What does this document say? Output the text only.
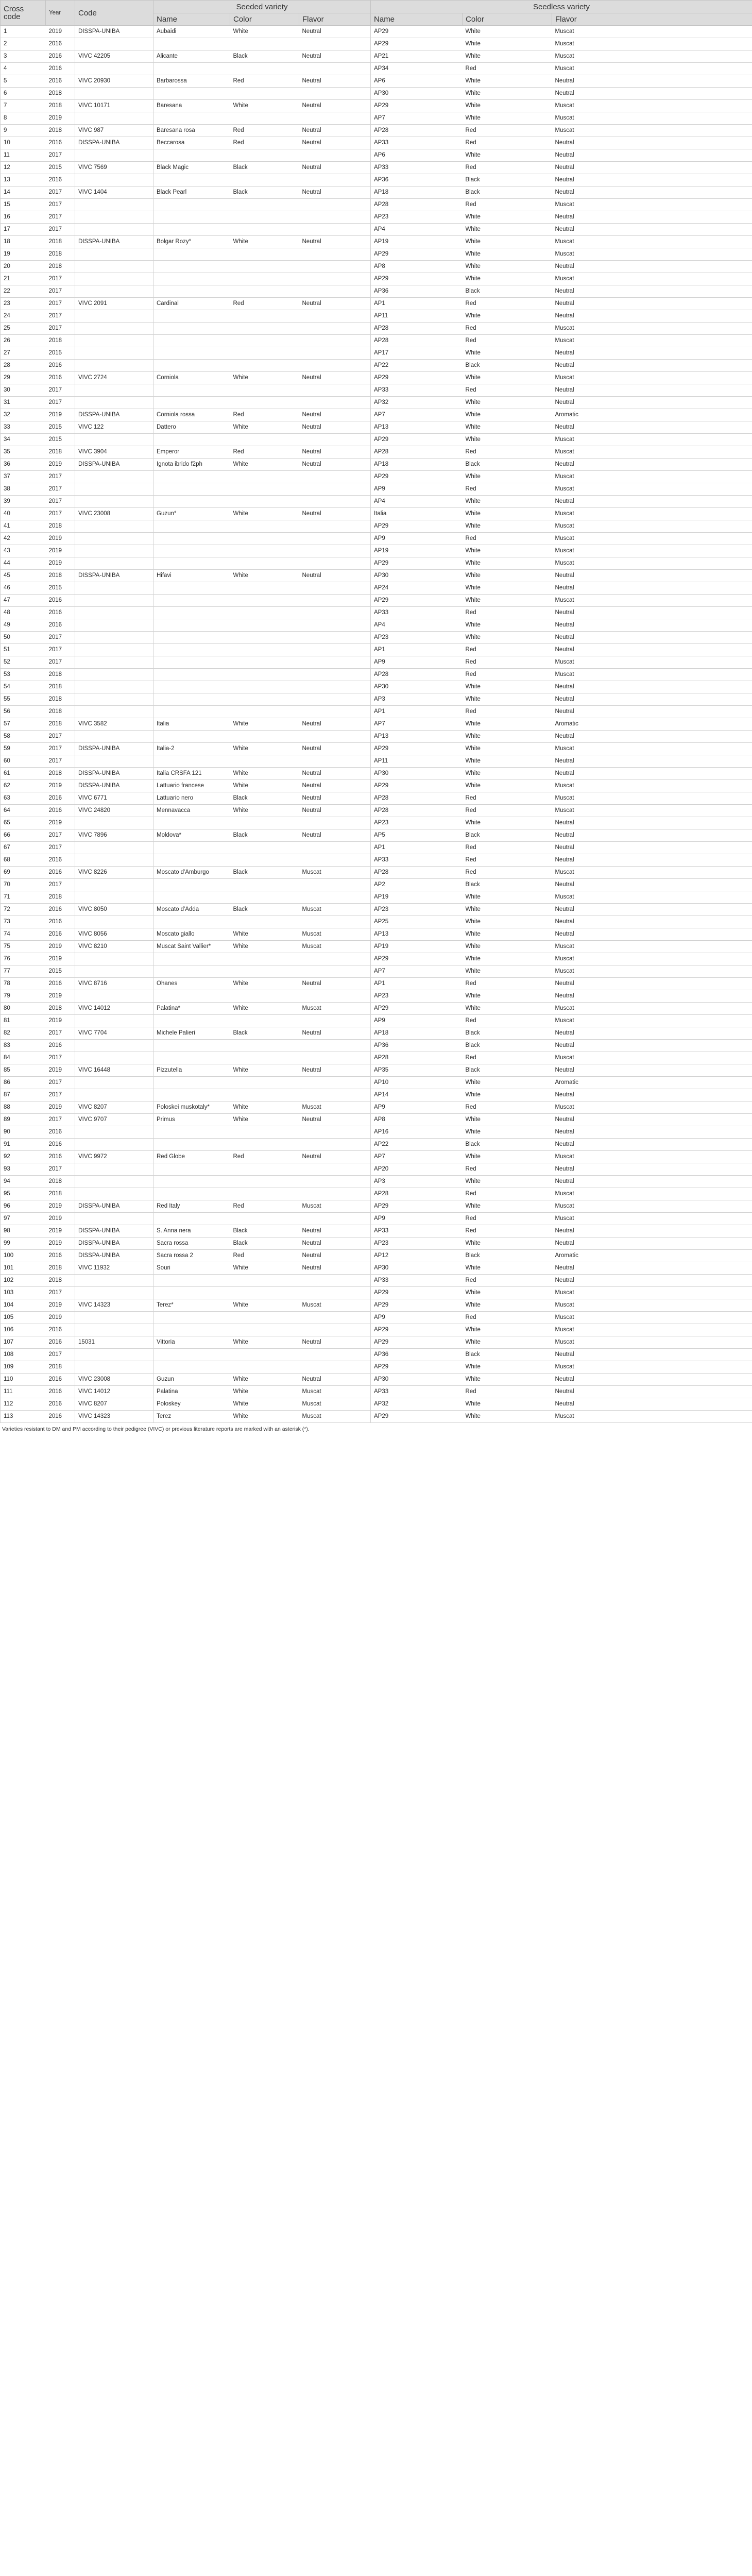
Cross code	Year	Code	Seeded variety			Seedless variety		
			Name	Color	Flavor	Name	Color	Flavor
1	2019	DISSPA-UNIBA	Aubaidi	White	Neutral	AP29	White	Muscat
2	2016					AP29	White	Muscat
3	2016	VIVC 42205	Alicante	Black	Neutral	AP21	White	Muscat
4	2016					AP34	Red	Muscat
5	2016	VIVC 20930	Barbarossa	Red	Neutral	AP6	White	Neutral
6	2018					AP30	White	Neutral
7	2018	VIVC 10171	Baresana	White	Neutral	AP29	White	Muscat
8	2019					AP7	White	Muscat
9	2018	VIVC 987	Baresana rosa	Red	Neutral	AP28	Red	Muscat
10	2016	DISSPA-UNIBA	Beccarosa	Red	Neutral	AP33	Red	Neutral
11	2017					AP6	White	Neutral
12	2015	VIVC 7569	Black Magic	Black	Neutral	AP33	Red	Neutral
13	2016					AP36	Black	Neutral
14	2017	VIVC 1404	Black Pearl	Black	Neutral	AP18	Black	Neutral
15	2017					AP28	Red	Muscat
16	2017					AP23	White	Neutral
17	2017					AP4	White	Neutral
18	2018	DISSPA-UNIBA	Bolgar Rozy*	White	Neutral	AP19	White	Muscat
19	2018					AP29	White	Muscat
20	2018					AP8	White	Neutral
21	2017					AP29	White	Muscat
22	2017					AP36	Black	Neutral
23	2017	VIVC 2091	Cardinal	Red	Neutral	AP1	Red	Neutral
24	2017					AP11	White	Neutral
25	2017					AP28	Red	Muscat
26	2018					AP28	Red	Muscat
27	2015					AP17	White	Neutral
28	2016					AP22	Black	Neutral
29	2016	VIVC 2724	Corniola	White	Neutral	AP29	White	Muscat
30	2017					AP33	Red	Neutral
31	2017					AP32	White	Neutral
32	2019	DISSPA-UNIBA	Corniola rossa	Red	Neutral	AP7	White	Aromatic
33	2015	VIVC 122	Dattero	White	Neutral	AP13	White	Neutral
34	2015					AP29	White	Muscat
35	2018	VIVC 3904	Emperor	Red	Neutral	AP28	Red	Muscat
36	2019	DISSPA-UNIBA	Ignota ibrido f2ph	White	Neutral	AP18	Black	Neutral
37	2017					AP29	White	Muscat
38	2017					AP9	Red	Muscat
39	2017					AP4	White	Neutral
40	2017	VIVC 23008	Guzun*	White	Neutral	Italia	White	Muscat
41	2018					AP29	White	Muscat
42	2019					AP9	Red	Muscat
43	2019					AP19	White	Muscat
44	2019					AP29	White	Muscat
45	2018	DISSPA-UNIBA	Hifavi	White	Neutral	AP30	White	Neutral
46	2015					AP24	White	Neutral
47	2016					AP29	White	Muscat
48	2016					AP33	Red	Neutral
49	2016					AP4	White	Neutral
50	2017					AP23	White	Neutral
51	2017					AP1	Red	Neutral
52	2017					AP9	Red	Muscat
53	2018					AP28	Red	Muscat
54	2018					AP30	White	Neutral
55	2018					AP3	White	Neutral
56	2018					AP1	Red	Neutral
57	2018	VIVC 3582	Italia	White	Neutral	AP7	White	Aromatic
58	2017					AP13	White	Neutral
59	2017	DISSPA-UNIBA	Italia-2	White	Neutral	AP29	White	Muscat
60	2017					AP11	White	Neutral
61	2018	DISSPA-UNIBA	Italia CRSFA 121	White	Neutral	AP30	White	Neutral
62	2019	DISSPA-UNIBA	Lattuario francese	White	Neutral	AP29	White	Muscat
63	2016	VIVC 6771	Lattuario nero	Black	Neutral	AP28	Red	Muscat
64	2016	VIVC 24820	Mennavacca	White	Neutral	AP28	Red	Muscat
65	2019					AP23	White	Neutral
66	2017	VIVC 7896	Moldova*	Black	Neutral	AP5	Black	Neutral
67	2017					AP1	Red	Neutral
68	2016					AP33	Red	Neutral
69	2016	VIVC 8226	Moscato d'Amburgo	Black	Muscat	AP28	Red	Muscat
70	2017					AP2	Black	Neutral
71	2018					AP19	White	Muscat
72	2016	VIVC 8050	Moscato d'Adda	Black	Muscat	AP23	White	Neutral
73	2016					AP25	White	Neutral
74	2016	VIVC 8056	Moscato giallo	White	Muscat	AP13	White	Neutral
75	2019	VIVC 8210	Muscat Saint Vallier*	White	Muscat	AP19	White	Muscat
76	2019					AP29	White	Muscat
77	2015					AP7	White	Muscat
78	2016	VIVC 8716	Ohanes	White	Neutral	AP1	Red	Neutral
79	2019					AP23	White	Neutral
80	2018	VIVC 14012	Palatina*	White	Muscat	AP29	White	Muscat
81	2019					AP9	Red	Muscat
82	2017	VIVC 7704	Michele Palieri	Black	Neutral	AP18	Black	Neutral
83	2016					AP36	Black	Neutral
84	2017					AP28	Red	Muscat
85	2019	VIVC 16448	Pizzutella	White	Neutral	AP35	Black	Neutral
86	2017					AP10	White	Aromatic
87	2017					AP14	White	Neutral
88	2019	VIVC 8207	Poloskei muskotaly*	White	Muscat	AP9	Red	Muscat
89	2017	VIVC 9707	Primus	White	Neutral	AP8	White	Neutral
90	2016					AP16	White	Neutral
91	2016					AP22	Black	Neutral
92	2016	VIVC 9972	Red Globe	Red	Neutral	AP7	White	Muscat
93	2017					AP20	Red	Neutral
94	2018					AP3	White	Neutral
95	2018					AP28	Red	Muscat
96	2019	DISSPA-UNIBA	Red Italy	Red	Muscat	AP29	White	Muscat
97	2019					AP9	Red	Muscat
98	2019	DISSPA-UNIBA	S. Anna nera	Black	Neutral	AP33	Red	Neutral
99	2019	DISSPA-UNIBA	Sacra rossa	Black	Neutral	AP23	White	Neutral
100	2016	DISSPA-UNIBA	Sacra rossa 2	Red	Neutral	AP12	Black	Aromatic
101	2018	VIVC 11932	Souri	White	Neutral	AP30	White	Neutral
102	2018					AP33	Red	Neutral
103	2017					AP29	White	Muscat
104	2019	VIVC 14323	Terez*	White	Muscat	AP29	White	Muscat
105	2019					AP9	Red	Muscat
106	2016					AP29	White	Muscat
107	2016	15031	Vittoria	White	Neutral	AP29	White	Muscat
108	2017					AP36	Black	Neutral
109	2018					AP29	White	Muscat
110	2016	VIVC 23008	Guzun	White	Neutral	AP30	White	Neutral
111	2016	VIVC 14012	Palatina	White	Muscat	AP33	Red	Neutral
112	2016	VIVC 8207	Poloskey	White	Muscat	AP32	White	Neutral
113	2016	VIVC 14323	Terez	White	Muscat	AP29	White	Muscat
Varieties resistant to DM and PM according to their pedigree (VIVC) or previous literature reports are marked with an asterisk (*).
